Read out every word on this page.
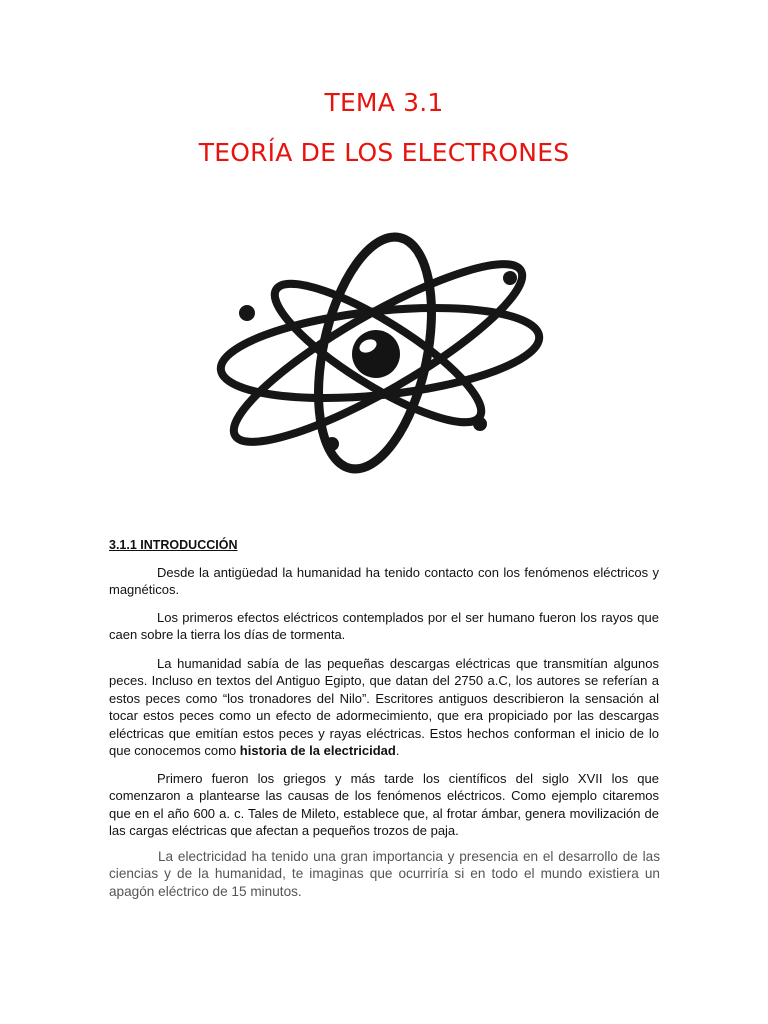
TEMA 3.1
TEORÍA DE LOS ELECTRONES
3.1.1 INTRODUCCIÓN

Desde la antigüedad la humanidad ha tenido contacto con los fenómenos eléctricos y magnéticos.

Los primeros efectos eléctricos contemplados por el ser humano fueron los rayos que caen sobre la tierra los días de tormenta.

La humanidad sabía de las pequeñas descargas eléctricas que transmitían algunos peces. Incluso en textos del Antiguo Egipto, que datan del 2750 a.C, los autores se referían a estos peces como “los tronadores del Nilo”. Escritores antiguos describieron la sensación al tocar estos peces como un efecto de adormecimiento, que era propiciado por las descargas eléctricas que emitían estos peces y rayas eléctricas. Estos hechos conforman el inicio de lo que conocemos como historia de la electricidad.

Primero fueron los griegos y más tarde los científicos del siglo XVII los que comenzaron a plantearse las causas de los fenómenos eléctricos. Como ejemplo citaremos que en el año 600 a. c. Tales de Mileto, establece que, al frotar ámbar, genera movilización de las cargas eléctricas que afectan a pequeños trozos de paja.

La electricidad ha tenido una gran importancia y presencia en el desarrollo de las ciencias y de la humanidad, te imaginas que ocurriría si en todo el mundo existiera un apagón eléctrico de 15 minutos.
